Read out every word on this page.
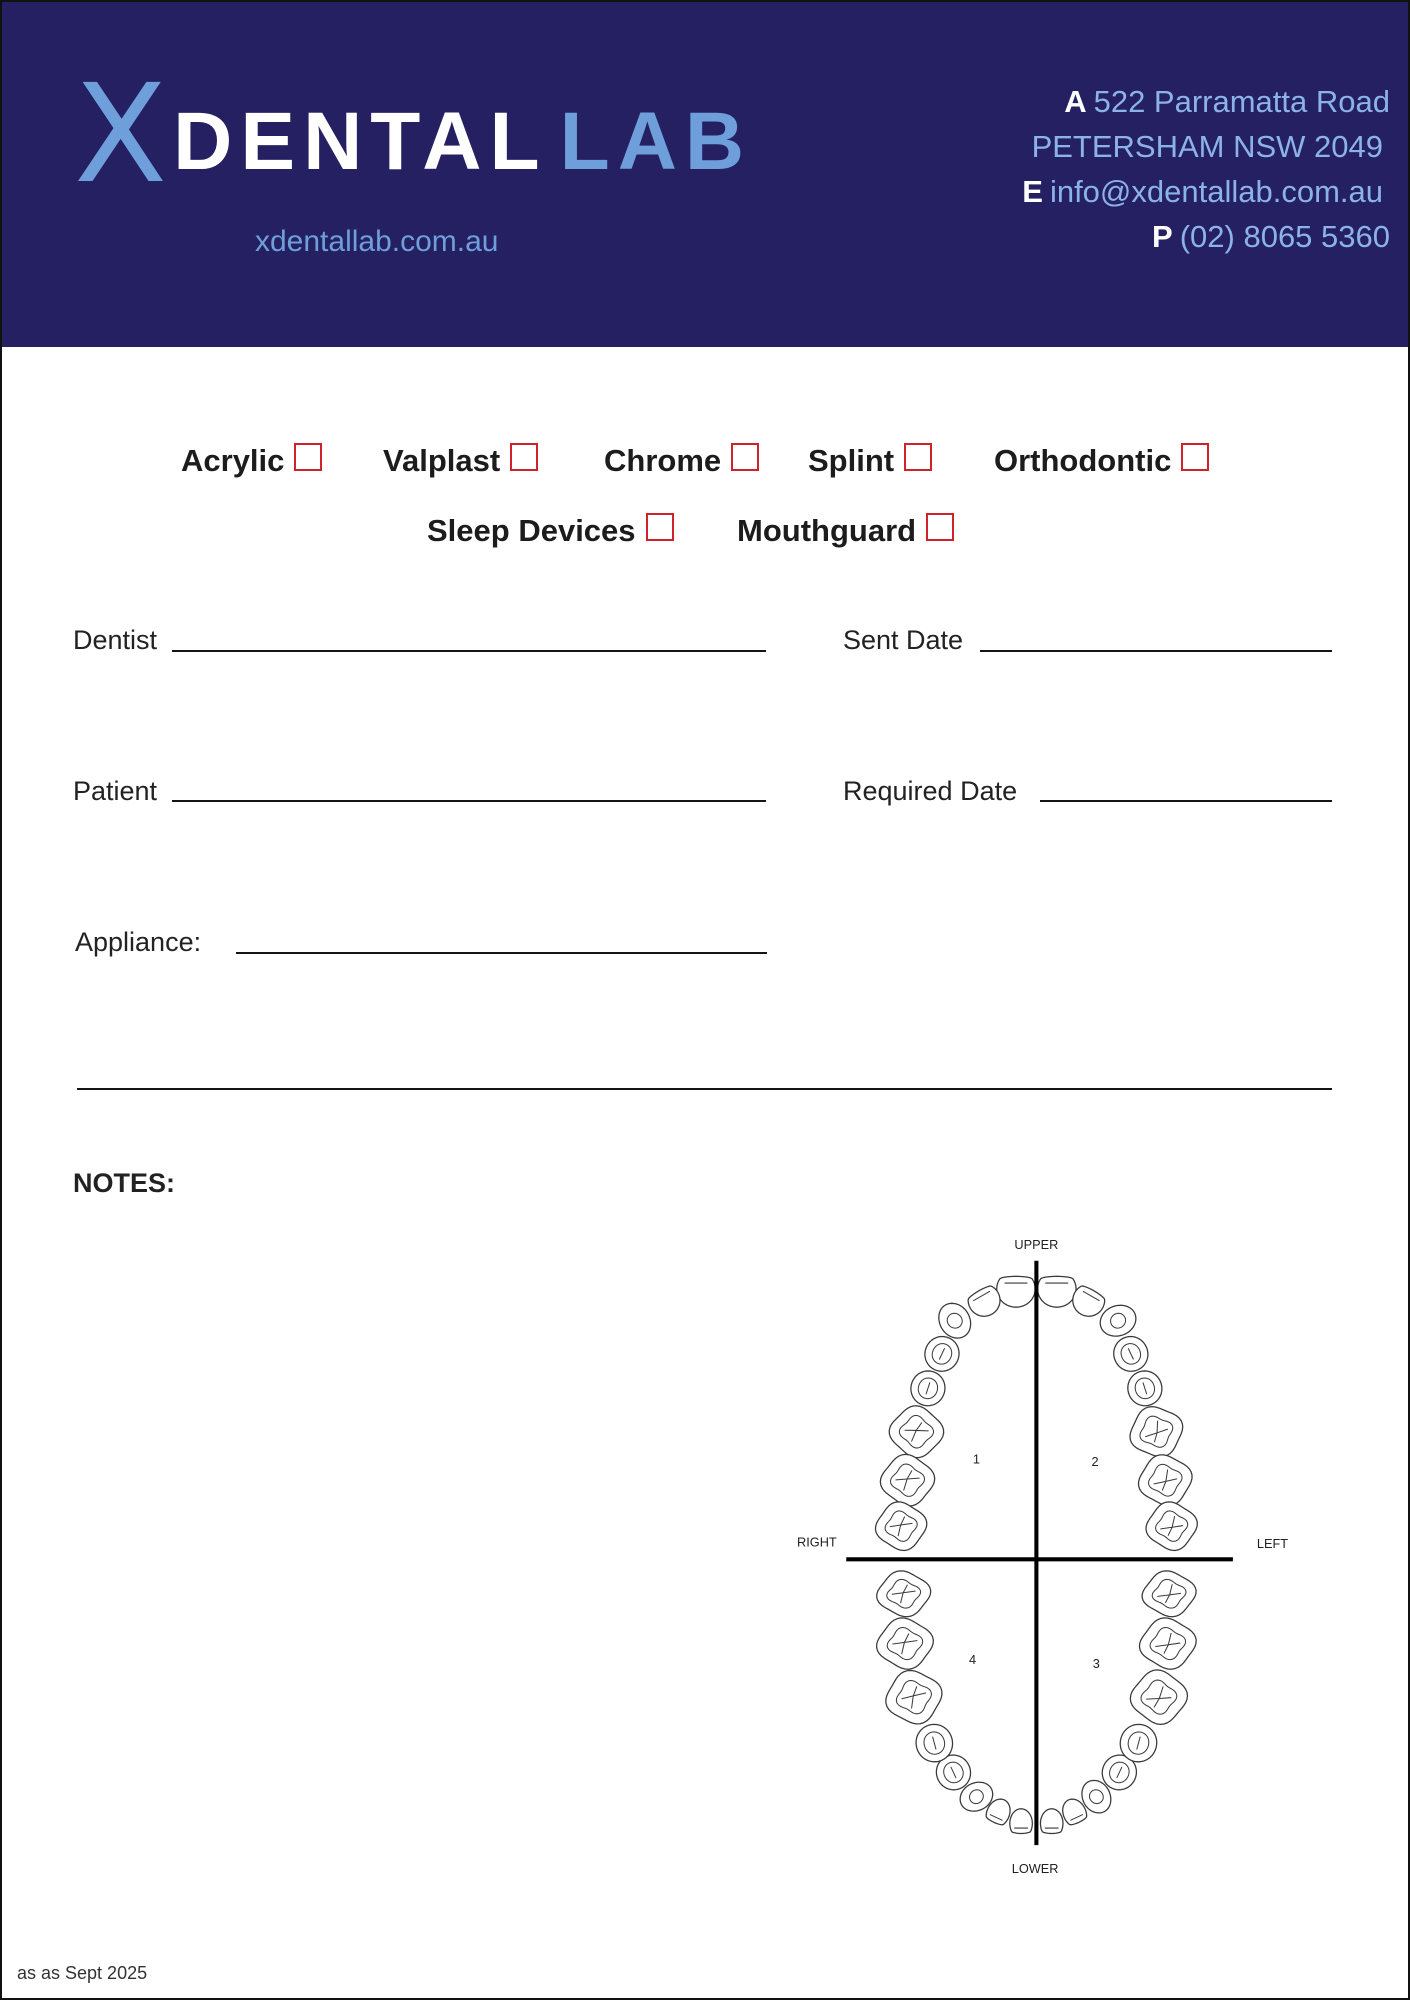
X DENTAL LAB
xdentallab.com.au
A 522 Parramatta Road
PETERSHAM NSW 2049
E info@xdentallab.com.au
P (02) 8065 5360
Acrylic	Valplast	Chrome	Splint	Orthodontic
Sleep Devices	Mouthguard
Dentist	Sent Date
Patient	Required Date
Appliance:
NOTES:
UPPER
LOWER
RIGHT	LEFT
1	2
3
4
as as Sept 2025
